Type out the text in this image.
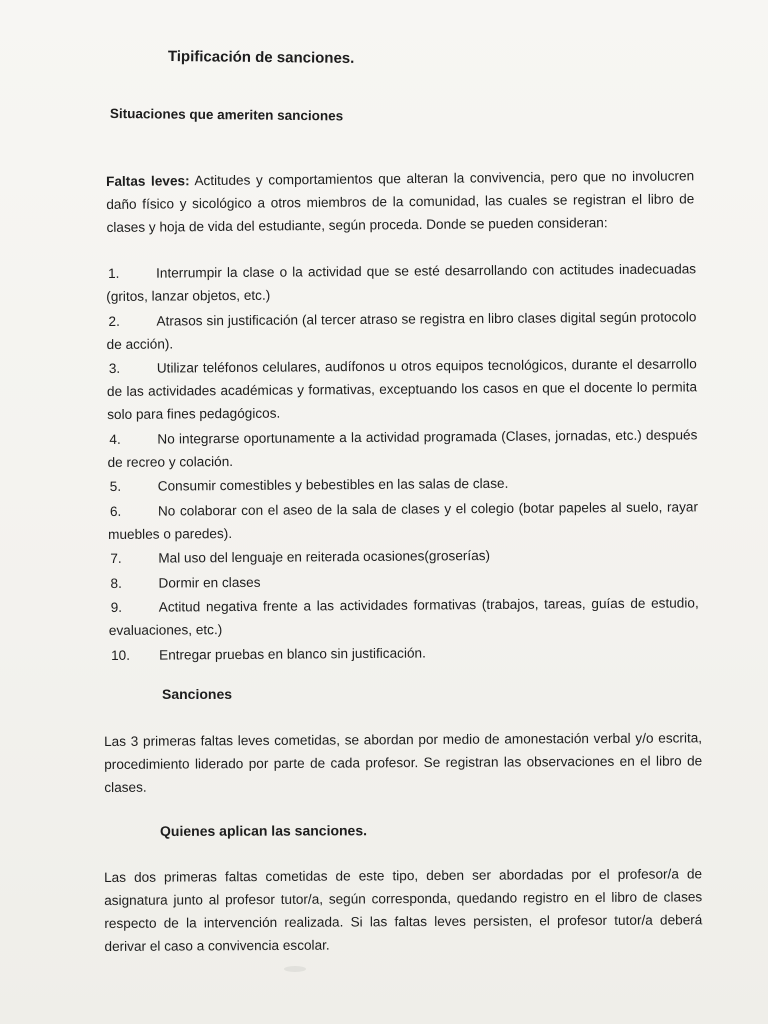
Tipificación de sanciones.
Situaciones que ameriten sanciones
Faltas leves: Actitudes y comportamientos que alteran la convivencia, pero que no involucren daño físico y sicológico a otros miembros de la comunidad, las cuales se registran el libro de clases y hoja de vida del estudiante, según proceda. Donde se pueden consideran:
1.	Interrumpir la clase o la actividad que se esté desarrollando con actitudes inadecuadas (gritos, lanzar objetos, etc.)
2.	Atrasos sin justificación (al tercer atraso se registra en libro clases digital según protocolo de acción).
3.	Utilizar teléfonos celulares, audífonos u otros equipos tecnológicos, durante el desarrollo de las actividades académicas y formativas, exceptuando los casos en que el docente lo permita solo para fines pedagógicos.
4.	No integrarse oportunamente a la actividad programada (Clases, jornadas, etc.) después de recreo y colación.
5.	Consumir comestibles y bebestibles en las salas de clase.
6.	No colaborar con el aseo de la sala de clases y el colegio (botar papeles al suelo, rayar muebles o paredes).
7.	Mal uso del lenguaje en reiterada ocasiones(groserías)
8.	Dormir en clases
9.	Actitud negativa frente a las actividades formativas (trabajos, tareas, guías de estudio, evaluaciones, etc.)
10. Entregar pruebas en blanco sin justificación.
Sanciones
Las 3 primeras faltas leves cometidas, se abordan por medio de amonestación verbal y/o escrita, procedimiento liderado por parte de cada profesor. Se registran las observaciones en el libro de clases.
Quienes aplican las sanciones.
Las dos primeras faltas cometidas de este tipo, deben ser abordadas por el profesor/a de asignatura junto al profesor tutor/a, según corresponda, quedando registro en el libro de clases respecto de la intervención realizada. Si las faltas leves persisten, el profesor tutor/a deberá derivar el caso a convivencia escolar.
